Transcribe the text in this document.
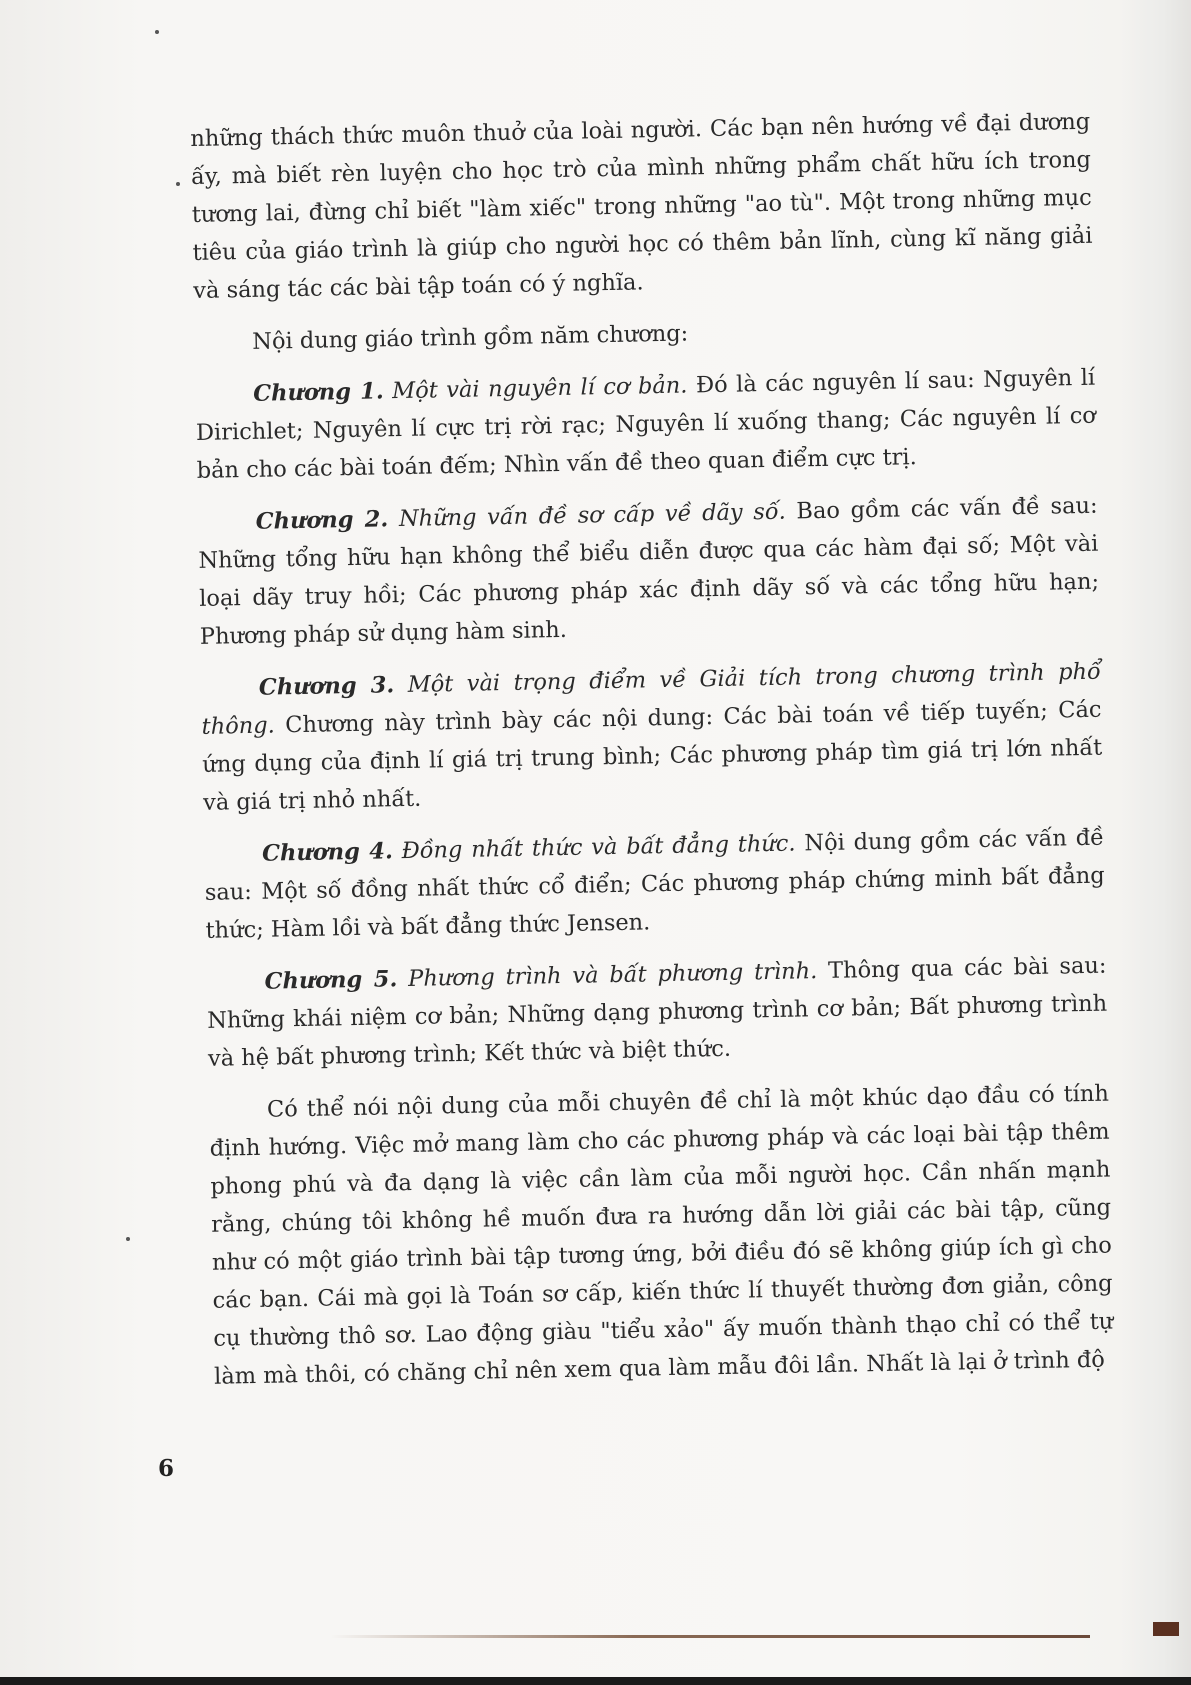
những thách thức muôn thuở của loài người. Các bạn nên hướng về đại dương ấy, mà biết rèn luyện cho học trò của mình những phẩm chất hữu ích trong tương lai, đừng chỉ biết "làm xiếc" trong những "ao tù". Một trong những mục tiêu của giáo trình là giúp cho người học có thêm bản lĩnh, cùng kĩ năng giải và sáng tác các bài tập toán có ý nghĩa.

Nội dung giáo trình gồm năm chương:

Chương 1. Một vài nguyên lí cơ bản. Đó là các nguyên lí sau: Nguyên lí Dirichlet; Nguyên lí cực trị rời rạc; Nguyên lí xuống thang; Các nguyên lí cơ bản cho các bài toán đếm; Nhìn vấn đề theo quan điểm cực trị.

Chương 2. Những vấn đề sơ cấp về dãy số. Bao gồm các vấn đề sau: Những tổng hữu hạn không thể biểu diễn được qua các hàm đại số; Một vài loại dãy truy hồi; Các phương pháp xác định dãy số và các tổng hữu hạn; Phương pháp sử dụng hàm sinh.

Chương 3. Một vài trọng điểm về Giải tích trong chương trình phổ thông. Chương này trình bày các nội dung: Các bài toán về tiếp tuyến; Các ứng dụng của định lí giá trị trung bình; Các phương pháp tìm giá trị lớn nhất và giá trị nhỏ nhất.

Chương 4. Đồng nhất thức và bất đẳng thức. Nội dung gồm các vấn đề sau: Một số đồng nhất thức cổ điển; Các phương pháp chứng minh bất đẳng thức; Hàm lồi và bất đẳng thức Jensen.

Chương 5. Phương trình và bất phương trình. Thông qua các bài sau: Những khái niệm cơ bản; Những dạng phương trình cơ bản; Bất phương trình và hệ bất phương trình; Kết thức và biệt thức.

Có thể nói nội dung của mỗi chuyên đề chỉ là một khúc dạo đầu có tính định hướng. Việc mở mang làm cho các phương pháp và các loại bài tập thêm phong phú và đa dạng là việc cần làm của mỗi người học. Cần nhấn mạnh rằng, chúng tôi không hề muốn đưa ra hướng dẫn lời giải các bài tập, cũng như có một giáo trình bài tập tương ứng, bởi điều đó sẽ không giúp ích gì cho các bạn. Cái mà gọi là Toán sơ cấp, kiến thức lí thuyết thường đơn giản, công cụ thường thô sơ. Lao động giàu "tiểu xảo" ấy muốn thành thạo chỉ có thể tự làm mà thôi, có chăng chỉ nên xem qua làm mẫu đôi lần. Nhất là lại ở trình độ

6
